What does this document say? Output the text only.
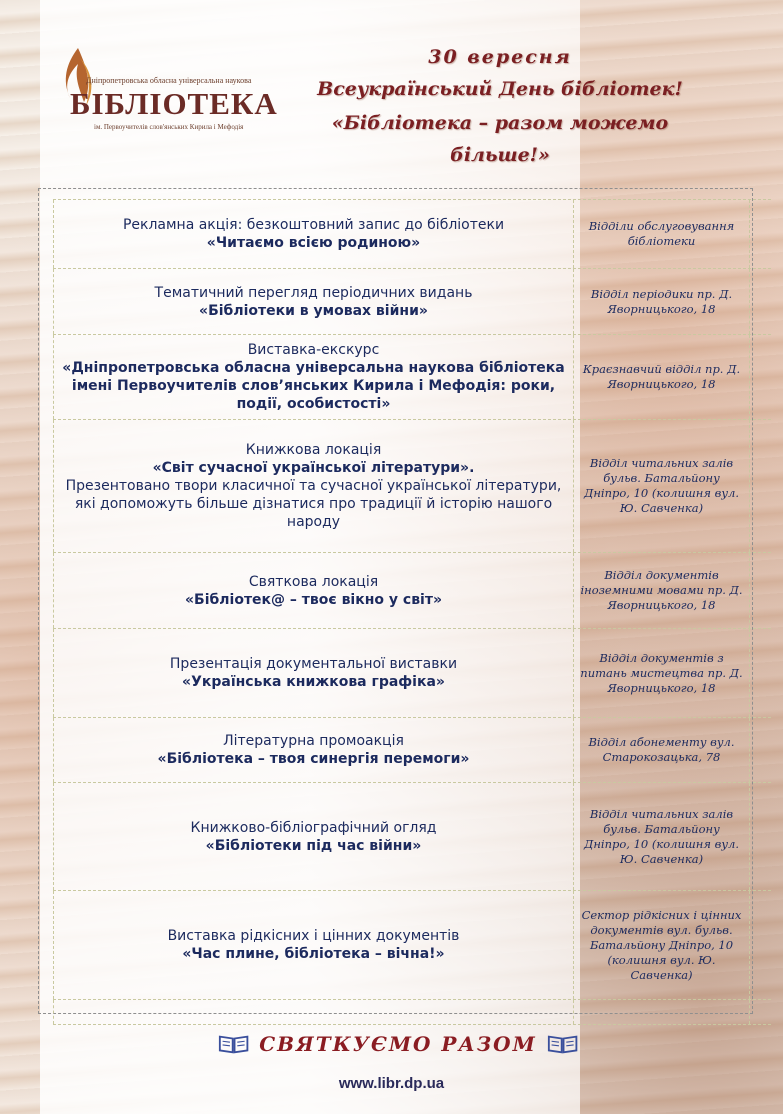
Дніпропетровська обласна універсальна наукова
БІБЛІОТЕКА
ім. Первоучителів слов'янських Кирила і Мефодія
30 вересня
Всеукраїнський День бібліотек!
«Бібліотека – разом можемо
більше!»
Рекламна акція: безкоштовний запис до бібліотеки
«Читаємо всією родиною»
Відділи обслуговування бібліотеки
Тематичний перегляд періодичних видань
«Бібліотеки в умовах війни»
Відділ періодики пр. Д. Яворницького, 18
Виставка-екскурс
«Дніпропетровська обласна універсальна наукова бібліотека імені Первоучителів слов’янських Кирила і Мефодія: роки, події, особистості»
Краєзнавчий відділ пр. Д. Яворницького, 18
Книжкова локація
«Світ сучасної української літератури».
Презентовано твори класичної та сучасної української літератури, які допоможуть більше дізнатися про традиції й історію нашого народу
Відділ читальних залів бульв. Батальйону Дніпро, 10 (колишня вул. Ю. Савченка)
Святкова локація
«Бібліотек@ – твоє вікно у світ»
Відділ документів іноземними мовами пр. Д. Яворницького, 18
Презентація документальної виставки
«Українська книжкова графіка»
Відділ документів з питань мистецтва пр. Д. Яворницького, 18
Літературна промоакція
«Бібліотека – твоя синергія перемоги»
Відділ абонементу вул. Старокозацька, 78
Книжково-бібліографічний огляд
«Бібліотеки під час війни»
Відділ читальних залів бульв. Батальйону Дніпро, 10 (колишня вул. Ю. Савченка)
Виставка рідкісних і цінних документів
«Час плине, бібліотека – вічна!»
Сектор рідкісних і цінних документів вул. бульв. Батальйону Дніпро, 10 (колишня вул. Ю. Савченка)
СВЯТКУЄМО РАЗОМ
www.libr.dp.ua
